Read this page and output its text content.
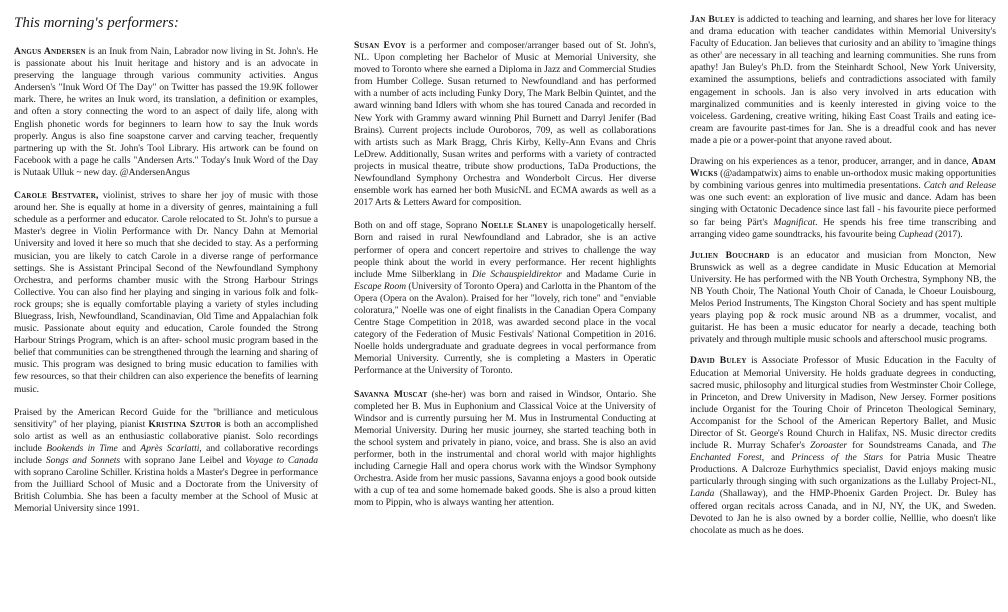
This morning's performers:

Angus Andersen is an Inuk from Nain, Labrador now living in St. John's. He is passionate about his Inuit heritage and history and is an advocate in preserving the language through various community activities. Angus Andersen's "Inuk Word Of The Day" on Twitter has passed the 19.9K follower mark. There, he writes an Inuk word, its translation, a definition or examples, and often a story connecting the word to an aspect of daily life, along with English phonetic words for beginners to learn how to say the Inuk words properly. Angus is also fine soapstone carver and carving teacher, frequently partnering up with the St. John's Tool Library. His artwork can be found on Facebook with a page he calls "Andersen Arts." Today's Inuk Word of the Day is Nutaak Ulluk ~ new day. @AndersenAngus

Carole Bestvater, violinist, strives to share her joy of music with those around her. She is equally at home in a diversity of genres, maintaining a full schedule as a performer and educator. Carole relocated to St. John's to pursue a Master's degree in Violin Performance with Dr. Nancy Dahn at Memorial University and loved it here so much that she decided to stay. As a performing musician, you are likely to catch Carole in a diverse range of performance settings. She is Assistant Principal Second of the Newfoundland Symphony Orchestra, and performs chamber music with the Strong Harbour Strings Collective. You can also find her playing and singing in various folk and folk-rock groups; she is equally comfortable playing a variety of styles including Bluegrass, Irish, Newfoundland, Scandinavian, Old Time and Appalachian folk music. Passionate about equity and education, Carole founded the Strong Harbour Strings Program, which is an after- school music program based in the belief that communities can be strengthened through the learning and sharing of music. This program was designed to bring music education to families with few resources, so that their children can also experience the benefits of learning music.

Praised by the American Record Guide for the "brilliance and meticulous sensitivity" of her playing, pianist Kristina Szutor is both an accomplished solo artist as well as an enthusiastic collaborative pianist. Solo recordings include Bookends in Time and Après Scarlatti, and collaborative recordings include Songs and Sonnets with soprano Jane Leibel and Voyage to Canada with soprano Caroline Schiller. Kristina holds a Master's Degree in performance from the Juilliard School of Music and a Doctorate from the University of British Columbia. She has been a faculty member at the School of Music at Memorial University since 1991.

Susan Evoy is a performer and composer/arranger based out of St. John's, NL. Upon completing her Bachelor of Music at Memorial University, she moved to Toronto where she earned a Diploma in Jazz and Commercial Studies from Humber College. Susan returned to Newfoundland and has performed with a number of acts including Funky Dory, The Mark Belbin Quintet, and the award winning band Idlers with whom she has toured Canada and recorded in New York with Grammy award winning Phil Burnett and Darryl Jenifer (Bad Brains). Current projects include Ouroboros, 709, as well as collaborations with artists such as Mark Bragg, Chris Kirby, Kelly-Ann Evans and Chris LeDrew. Additionally, Susan writes and performs with a variety of contracted projects in musical theatre, tribute show productions, TaDa Productions, the Newfoundland Symphony Orchestra and Wonderbolt Circus. Her diverse ensemble work has earned her both MusicNL and ECMA awards as well as a 2017 Arts & Letters Award for composition.

Both on and off stage, Soprano Noelle Slaney is unapologetically herself. Born and raised in rural Newfoundland and Labrador, she is an active performer of opera and concert repertoire and strives to challenge the way people think about the world in every performance. Her recent highlights include Mme Silberklang in Die Schauspieldirektor and Madame Curie in Escape Room (University of Toronto Opera) and Carlotta in the Phantom of the Opera (Opera on the Avalon). Praised for her "lovely, rich tone" and "enviable coloratura," Noelle was one of eight finalists in the Canadian Opera Company Centre Stage Competition in 2018, was awarded second place in the vocal category of the Federation of Music Festivals' National Competition in 2016. Noelle holds undergraduate and graduate degrees in vocal performance from Memorial University. Currently, she is completing a Masters in Operatic Performance at the University of Toronto.

Savanna Muscat (she-her) was born and raised in Windsor, Ontario. She completed her B. Mus in Euphonium and Classical Voice at the University of Windsor and is currently pursuing her M. Mus in Instrumental Conducting at Memorial University. During her music journey, she started teaching both in the school system and privately in piano, voice, and brass. She is also an avid performer, both in the instrumental and choral world with major highlights including Carnegie Hall and opera chorus work with the Windsor Symphony Orchestra. Aside from her music passions, Savanna enjoys a good book outside with a cup of tea and some homemade baked goods. She is also a proud kitten mom to Pippin, who is always wanting her attention.

Jan Buley is addicted to teaching and learning, and shares her love for literacy and drama education with teacher candidates within Memorial University's Faculty of Education. Jan believes that curiosity and an ability to 'imagine things as other' are necessary in all teaching and learning communities. She runs from apathy! Jan Buley's Ph.D. from the Steinhardt School, New York University, examined the assumptions, beliefs and contradictions associated with family engagement in schools. Jan is also very involved in arts education with marginalized communities and is keenly interested in giving voice to the voiceless. Gardening, creative writing, hiking East Coast Trails and eating ice-cream are favourite past-times for Jan. She is a dreadful cook and has never made a pie or a power-point that anyone raved about.

Drawing on his experiences as a tenor, producer, arranger, and in dance, Adam Wicks (@adampatwix) aims to enable un-orthodox music making opportunities by combining various genres into multimedia presentations. Catch and Release was one such event: an exploration of live music and dance. Adam has been singing with Octatonic Decadence since last fall - his favourite piece performed so far being Pärt's Magnificat. He spends his free time transcribing and arranging video game soundtracks, his favourite being Cuphead (2017).

Julien Bouchard is an educator and musician from Moncton, New Brunswick as well as a degree candidate in Music Education at Memorial University. He has performed with the NB Youth Orchestra, Symphony NB, the NB Youth Choir, The National Youth Choir of Canada, le Choeur Louisbourg, Melos Period Instruments, The Kingston Choral Society and has spent multiple years playing pop & rock music around NB as a drummer, vocalist, and guitarist. He has been a music educator for nearly a decade, teaching both privately and through multiple music schools and afterschool music programs.

David Buley is Associate Professor of Music Education in the Faculty of Education at Memorial University. He holds graduate degrees in conducting, sacred music, philosophy and liturgical studies from Westminster Choir College, in Princeton, and Drew University in Madison, New Jersey. Former positions include Organist for the Touring Choir of Princeton Theological Seminary, Accompanist for the School of the American Repertory Ballet, and Music Director of St. George's Round Church in Halifax, NS. Music director credits include R. Murray Schafer's Zoroaster for Soundstreams Canada, and The Enchanted Forest, and Princess of the Stars for Patria Music Theatre Productions. A Dalcroze Eurhythmics specialist, David enjoys making music particularly through singing with such organizations as the Lullaby Project-NL, Landa (Shallaway), and the HMP-Phoenix Garden Project. Dr. Buley has offered organ recitals across Canada, and in NJ, NY, the UK, and Sweden. Devoted to Jan he is also owned by a border collie, Nelllie, who doesn't like chocolate as much as he does.
